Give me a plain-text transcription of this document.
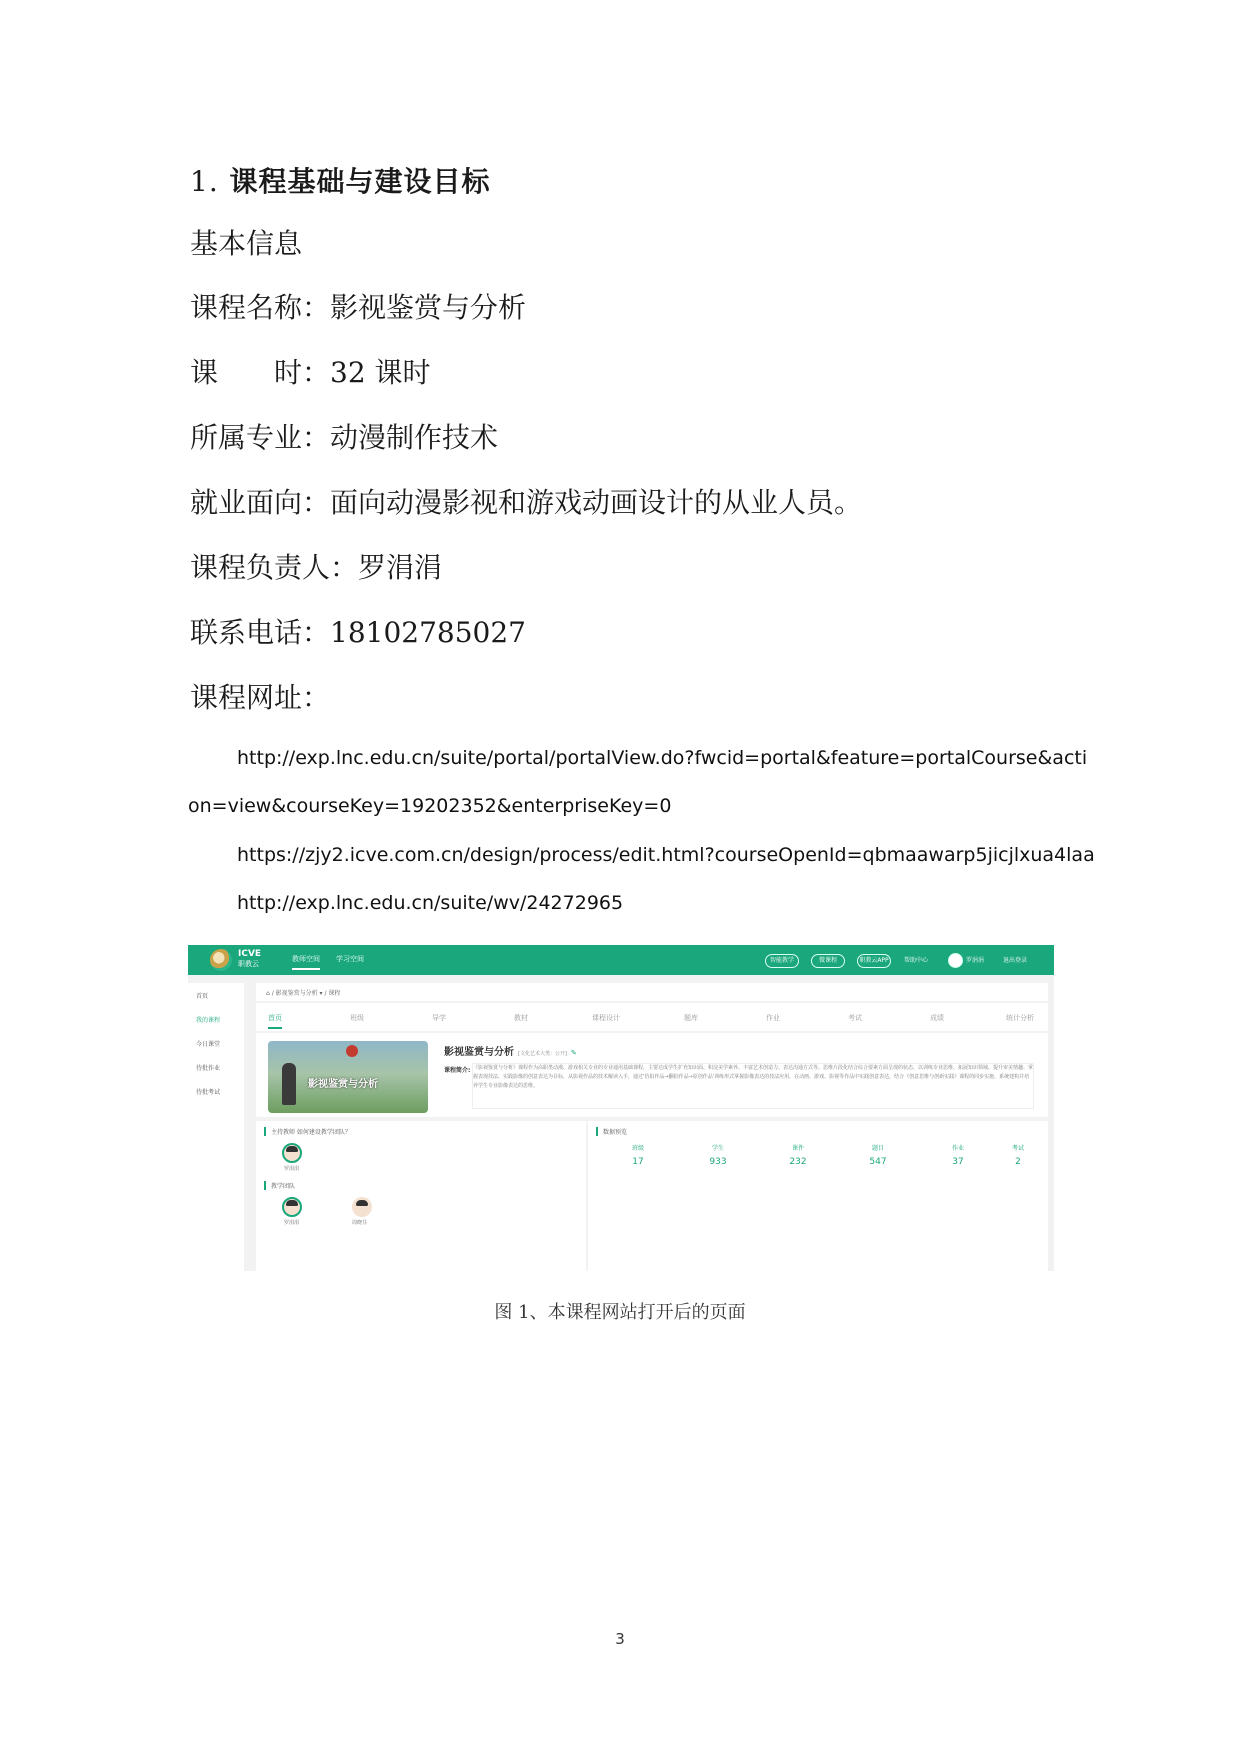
1. 课程基础与建设目标
基本信息
课程名称：影视鉴赏与分析
课　　时：32 课时
所属专业：动漫制作技术
就业面向：面向动漫影视和游戏动画设计的从业人员。
课程负责人：罗涓涓
联系电话：18102785027
课程网址：
http://exp.lnc.edu.cn/suite/portal/portalView.do?fwcid=portal&feature=portalCourse&acti
on=view&courseKey=19202352&enterpriseKey=0
https://zjy2.icve.com.cn/design/process/edit.html?courseOpenId=qbmaawarp5jicjlxua4laa
http://exp.lnc.edu.cn/suite/wv/24272965
ICVE
职教云
教师空间 学习空间	智能教学	微课程	职教云APP	帮助中心	罗涓涓	退出登录
首页
我的课程
今日课堂
待批作业
待批考试
⌂ / 影视鉴赏与分析 ▾ / 课程
首页	班级	导学	教材	课程设计	题库	作业	考试	成绩	统计分析
影视鉴赏与分析
影视鉴赏与分析 [文化艺术大类：公开] ✎
课程简介: 《影视鉴赏与分析》课程作为高职类动漫、游戏相关专业的专业通用基础课程，主要达成学生扩充知识面、积淀美学素养、丰富艺术创造力、表达沟通方式等。思维片段化结合综合要素方面呈现的状态，以训练专业思维、拓展知识领域、提升审美情趣、掌握表现技法、实践影像的创意表达为目标，从影视作品的技术解读入手，通过'仿拍作品→翻拍作品→原创作品'训练形式掌握影像表达的技法应用，在动画、游戏、影视等作品中实践创意表达，结合《创意思维与创新实践》课程的同步实施，系统建构并培养学生专业影像表达的思维。
主持教师 如何建设教学团队？
罗涓涓
教学团队
罗涓涓	周晓芬
数据预览
班级
17
学生
933
课件
232
题目
547
作业
37
考试
2
图 1、本课程网站打开后的页面
3
